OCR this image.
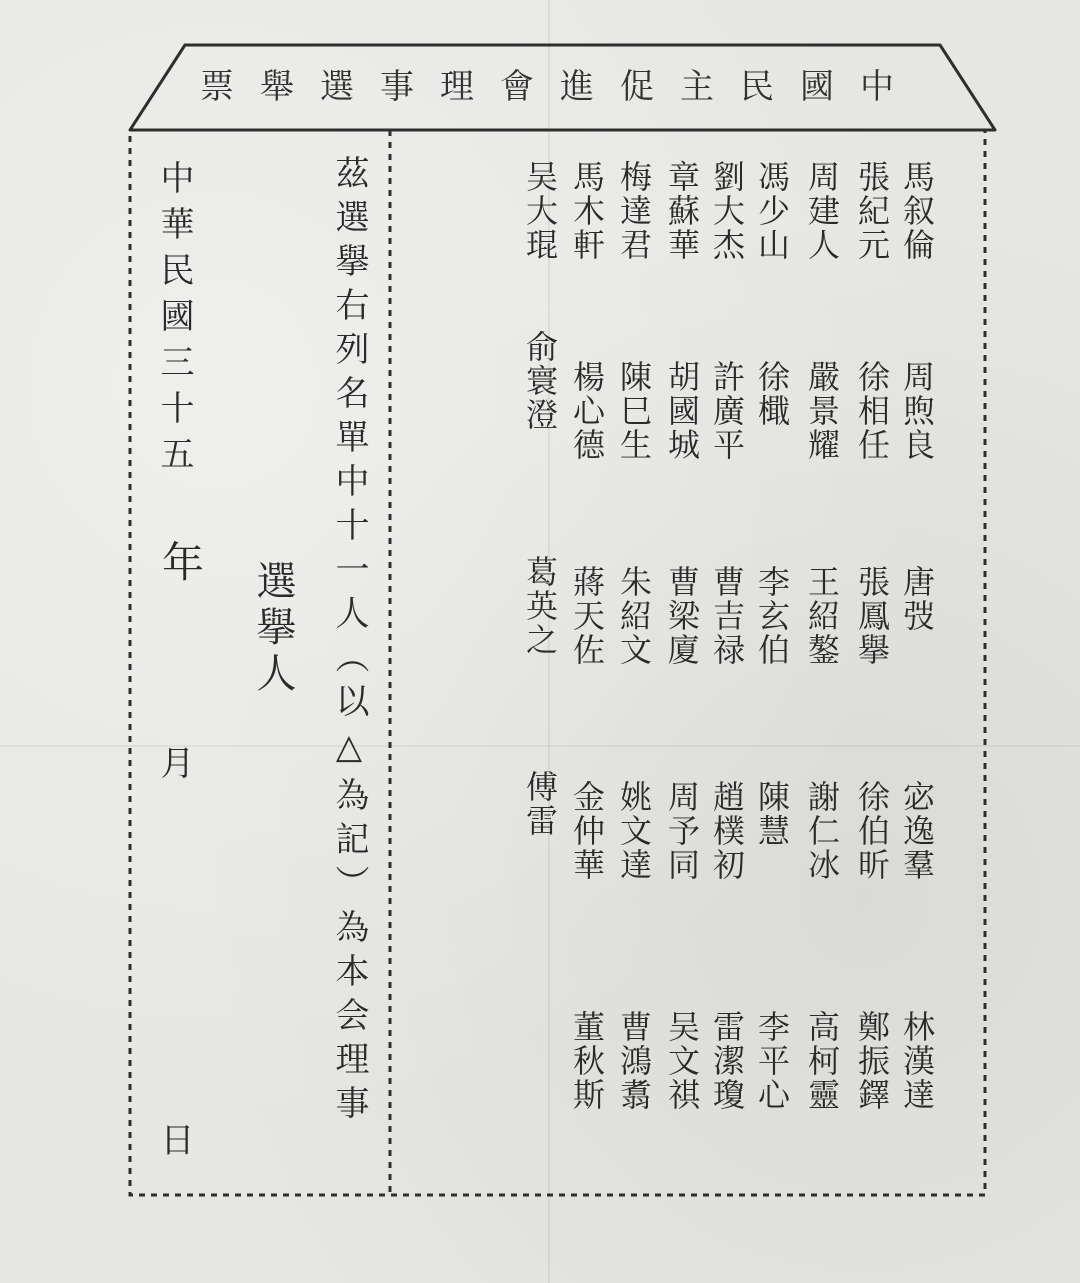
中國民主促進會理事選舉票
馬叙倫
周煦良
唐弢
宓逸羣
林漢達
張紀元
徐相任
張鳳擧
徐伯昕
鄭振鐸
周建人
嚴景耀
王紹鏊
謝仁冰
高柯靈
馮少山
徐檝
李玄伯
陳慧
李平心
劉大杰
許廣平
曹吉禄
趙樸初
雷潔瓊
章蘇華
胡國城
曹梁廈
周予同
吴文祺
梅達君
陳巳生
朱紹文
姚文達
曹鴻翥
馬木軒
楊心德
蔣天佐
金仲華
董秋斯
吴大琨
俞寰澄
葛英之
傅雷
茲選擧右列名單中十一人（以△為記）為本会理事
選擧人
中華民國三十五
年
月
日
